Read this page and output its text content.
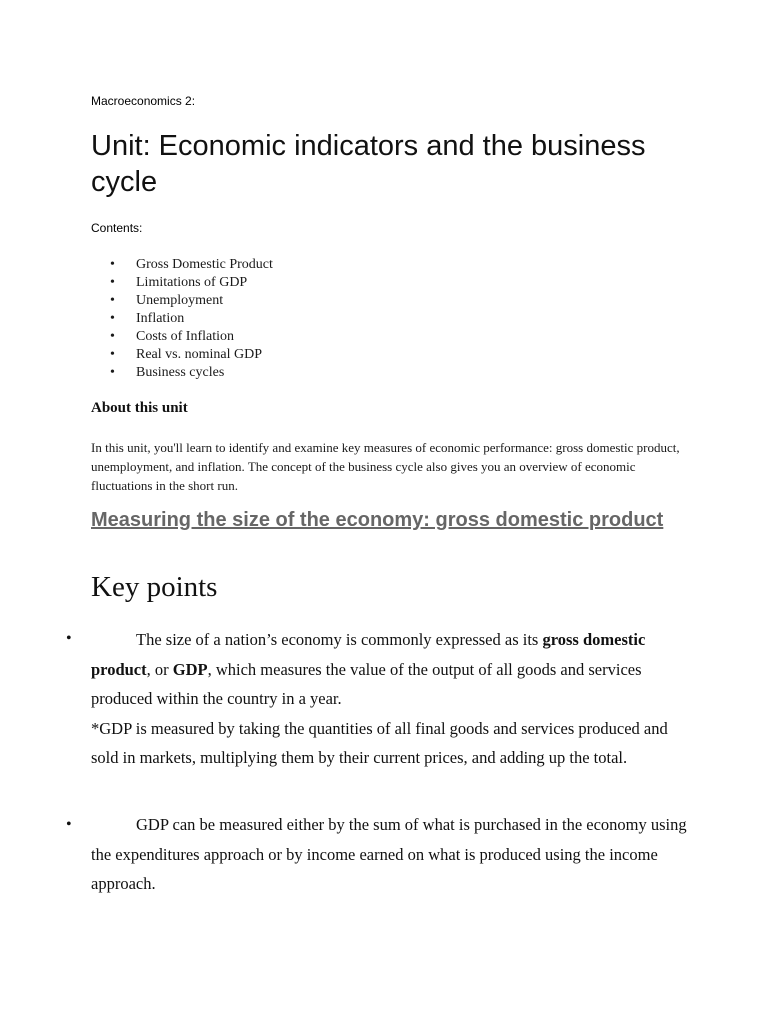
Macroeconomics 2:
Unit: Economic indicators and the business cycle
Contents:
• Gross Domestic Product
• Limitations of GDP
• Unemployment
• Inflation
• Costs of Inflation
• Real vs. nominal GDP
• Business cycles
About this unit

In this unit, you'll learn to identify and examine key measures of economic performance: gross domestic product, unemployment, and inflation. The concept of the business cycle also gives you an overview of economic fluctuations in the short run.

Measuring the size of the economy: gross domestic product
Key points
•	The size of a nation’s economy is commonly expressed as its gross domestic product, or GDP, which measures the value of the output of all goods and services produced within the country in a year.
*GDP is measured by taking the quantities of all final goods and services produced and sold in markets, multiplying them by their current prices, and adding up the total.

•	GDP can be measured either by the sum of what is purchased in the economy using the expenditures approach or by income earned on what is produced using the income approach.
